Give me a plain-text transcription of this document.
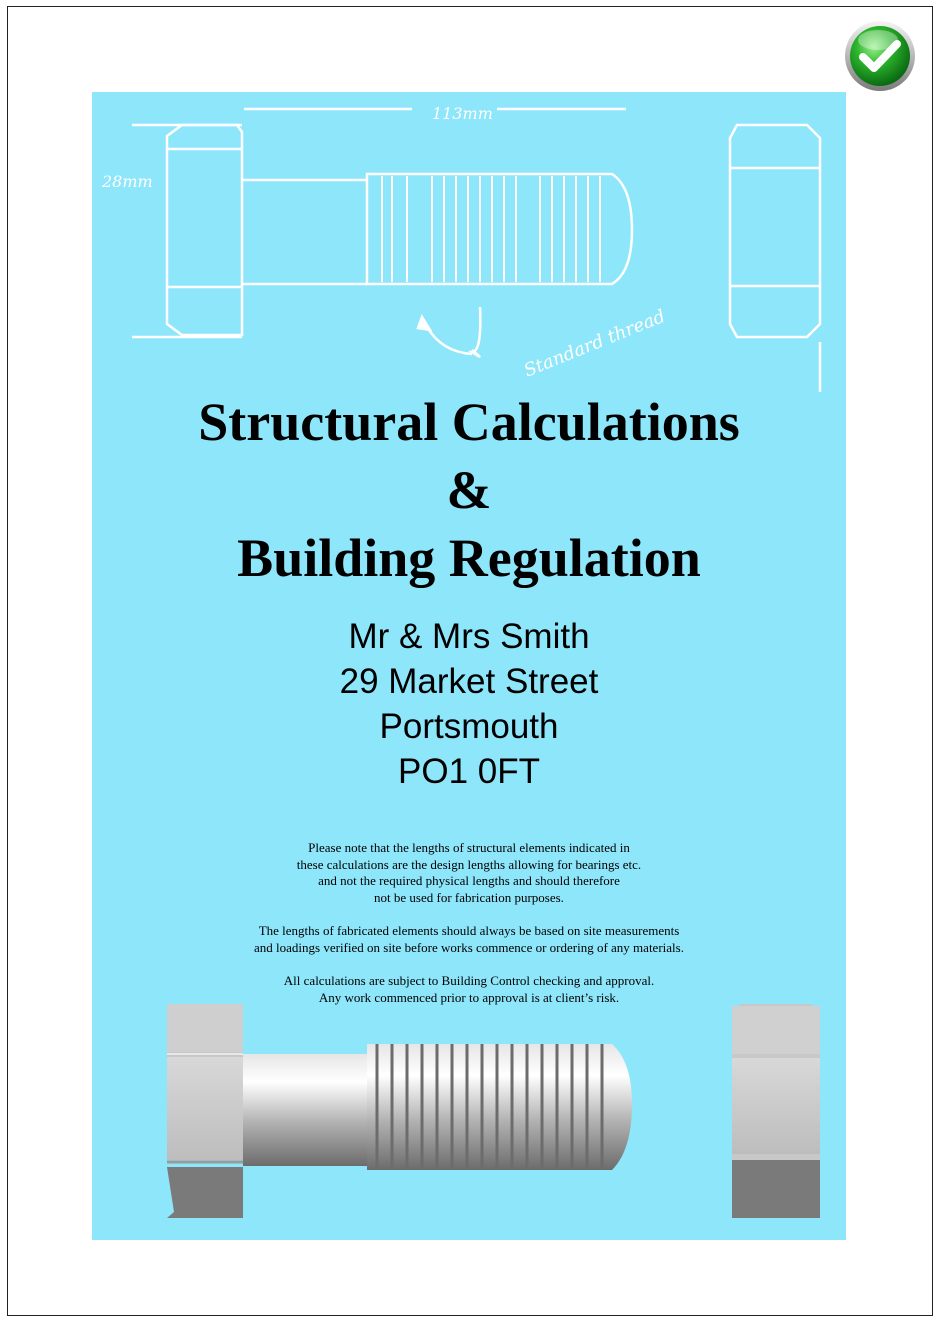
113mm
28mm
Standard thread
Structural Calculations
&
Building Regulation
Mr & Mrs Smith
29 Market Street
Portsmouth
PO1 0FT

Please note that the lengths of structural elements indicated in
these calculations are the design lengths allowing for bearings etc.
and not the required physical lengths and should therefore
not be used for fabrication purposes.

The lengths of fabricated elements should always be based on site measurements
and loadings verified on site before works commence or ordering of any materials.

All calculations are subject to Building Control checking and approval.
Any work commenced prior to approval is at client’s risk.
